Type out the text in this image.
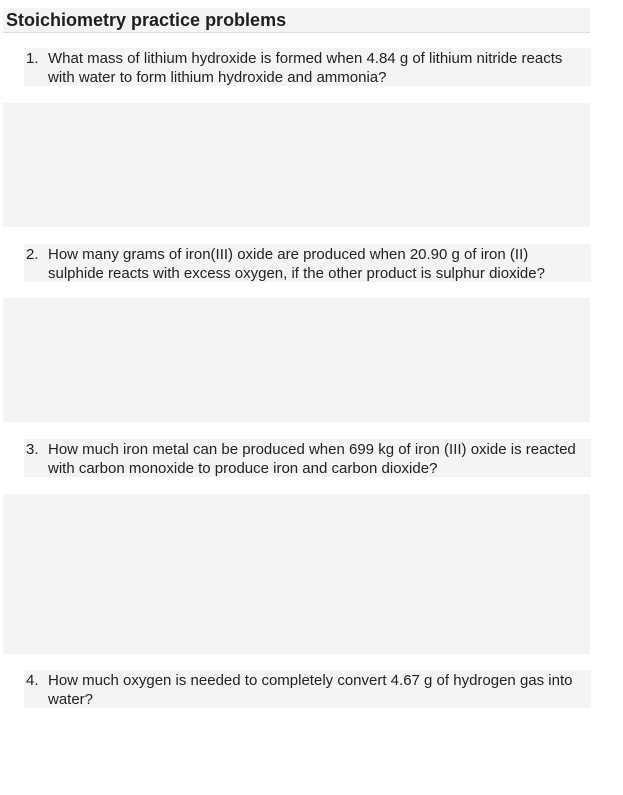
Stoichiometry practice problems
1. What mass of lithium hydroxide is formed when 4.84 g of lithium nitride reacts with water to form lithium hydroxide and ammonia?
2. How many grams of iron(III) oxide are produced when 20.90 g of iron (II) sulphide reacts with excess oxygen, if the other product is sulphur dioxide?
3. How much iron metal can be produced when 699 kg of iron (III) oxide is reacted with carbon monoxide to produce iron and carbon dioxide?
4. How much oxygen is needed to completely convert 4.67 g of hydrogen gas into water?
